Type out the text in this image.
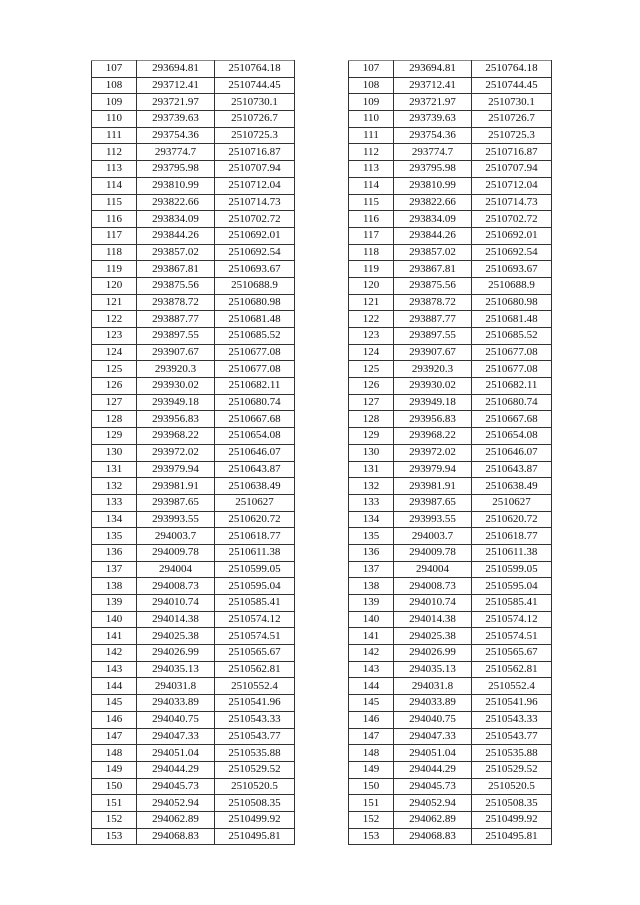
107	293694.81	2510764.18
108	293712.41	2510744.45
109	293721.97	2510730.1
110	293739.63	2510726.7
111	293754.36	2510725.3
112	293774.7	2510716.87
113	293795.98	2510707.94
114	293810.99	2510712.04
115	293822.66	2510714.73
116	293834.09	2510702.72
117	293844.26	2510692.01
118	293857.02	2510692.54
119	293867.81	2510693.67
120	293875.56	2510688.9
121	293878.72	2510680.98
122	293887.77	2510681.48
123	293897.55	2510685.52
124	293907.67	2510677.08
125	293920.3	2510677.08
126	293930.02	2510682.11
127	293949.18	2510680.74
128	293956.83	2510667.68
129	293968.22	2510654.08
130	293972.02	2510646.07
131	293979.94	2510643.87
132	293981.91	2510638.49
133	293987.65	2510627
134	293993.55	2510620.72
135	294003.7	2510618.77
136	294009.78	2510611.38
137	294004	2510599.05
138	294008.73	2510595.04
139	294010.74	2510585.41
140	294014.38	2510574.12
141	294025.38	2510574.51
142	294026.99	2510565.67
143	294035.13	2510562.81
144	294031.8	2510552.4
145	294033.89	2510541.96
146	294040.75	2510543.33
147	294047.33	2510543.77
148	294051.04	2510535.88
149	294044.29	2510529.52
150	294045.73	2510520.5
151	294052.94	2510508.35
152	294062.89	2510499.92
153	294068.83	2510495.81
107	293694.81	2510764.18
108	293712.41	2510744.45
109	293721.97	2510730.1
110	293739.63	2510726.7
111	293754.36	2510725.3
112	293774.7	2510716.87
113	293795.98	2510707.94
114	293810.99	2510712.04
115	293822.66	2510714.73
116	293834.09	2510702.72
117	293844.26	2510692.01
118	293857.02	2510692.54
119	293867.81	2510693.67
120	293875.56	2510688.9
121	293878.72	2510680.98
122	293887.77	2510681.48
123	293897.55	2510685.52
124	293907.67	2510677.08
125	293920.3	2510677.08
126	293930.02	2510682.11
127	293949.18	2510680.74
128	293956.83	2510667.68
129	293968.22	2510654.08
130	293972.02	2510646.07
131	293979.94	2510643.87
132	293981.91	2510638.49
133	293987.65	2510627
134	293993.55	2510620.72
135	294003.7	2510618.77
136	294009.78	2510611.38
137	294004	2510599.05
138	294008.73	2510595.04
139	294010.74	2510585.41
140	294014.38	2510574.12
141	294025.38	2510574.51
142	294026.99	2510565.67
143	294035.13	2510562.81
144	294031.8	2510552.4
145	294033.89	2510541.96
146	294040.75	2510543.33
147	294047.33	2510543.77
148	294051.04	2510535.88
149	294044.29	2510529.52
150	294045.73	2510520.5
151	294052.94	2510508.35
152	294062.89	2510499.92
153	294068.83	2510495.81
